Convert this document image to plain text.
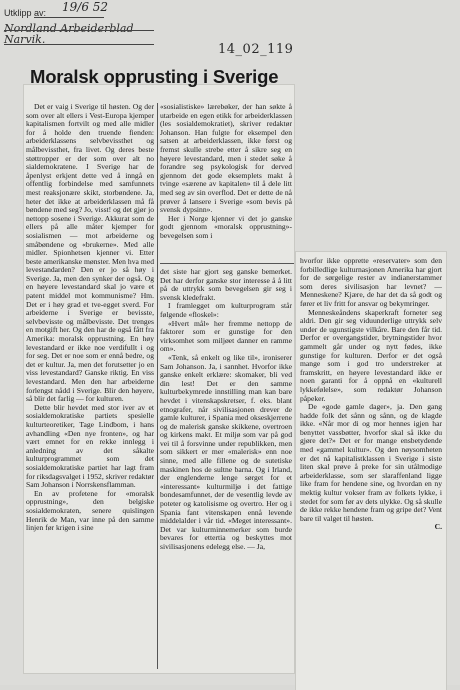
Utklipp av: 19/6 52
Nordland Arbeiderblad
Narvik.
14_02_119
Moralsk opprusting i Sverige

Det er vaig i Sverige til høsten. Og der som over alt ellers i Vest-Europa kjemper kapitalismen fortvilt og med alle midler for å holde den truende fienden: arbeiderklassens selvbevissthet og målbevissthet, fra livet. Og deres beste støttropper er der som over alt no sialdemokratene. I Sverige har de åpenlyst erkjent dette ved å inngå en offentlig forbindelse med samfunnets mest reaksjonære skikt, storbøndene. Ja, heter det ikke at arbeiderklassen må få bøndene med seg? Jo, visst! og det gjør jo nettopp sosene i Sverige. Akkurat som de ellers på alle måter kjemper for sosialismen — mot arbeiderne og småbøndene og «brukerne». Med alle midler. Spionhetsen kjenner vi. Etter beste amerikanske mønster. Men hva med levestandarden? Den er jo så høy i Sverige. Ja, men den synker der også. Og en høyere levestandard skal jo være et patent middel mot kommunisme? Hm. Det er i høy grad et tve-egget sverd. For arbeiderne i Sverige er bevisste, selvbevisste og målbevisste. Det trenges en motgift her. Og den har de også fått fra Amerika: moralsk opprustning. En høy levestandard er ikke noe verdifullt i og for seg. Det er noe som er ennå bedre, og det er kultur. Ja, men det forutsetter jo en viss levestandard? Ganske riktig. En viss levestandard. Men den har arbeiderne forlengst nådd i Sverige. Blir den høyere, så blir det farlig — for kulturen.

Dette blir hevdet med stor iver av et sosialdemokratiske partiets spesielle kulturteoretiker, Tage Lindbom, i hans avhandling «Den nye fronten», og har vært emnet for en rekke innlegg i anledning av det såkalte kulturprogrammet som det sosialdemokratiske partiet har lagt fram for riksdagsvalget i 1952, skriver redaktør Sam Johanson i Norrskensflamman.

En av profetene for «moralsk opprustning», den belgiske sosialdemokraten, senere quislingen Henrik de Man, var inne på den samme linjen før krigen i sine

«sosialistiske» lærebøker, der han søkte å utarbeide en egen etikk for arbeiderklassen (les sosialdemokratiet), skriver redaktør Johanson. Han fulgte for eksempel den satsen at arbeiderklassen, ikke først og fremst skulle strebe etter å sikre seg en høyere levestandard, men i stedet søke å forandre seg psykologisk for derved gjennom det gode eksemplets makt å tvinge «særene av kapitalen» til å dele litt med seg av sin overflod. Det er dette de nå prøver å lansere i Sverige «som bevis på svensk dypsinn».

Her i Norge kjenner vi det jo ganske godt gjennom «moralsk opprustning»-bevegelsen som i

det siste har gjort seg ganske bemerket. Det har derfor ganske stor interesse å å litt på de uttrykk som bevegelsen gir seg i svensk kledefrakt.

I framlegget om kulturprogram står følgende «floskel»:

«Hvert mål» her fremme nettopp de faktorer som er gunstige for den virksomhet som miljøet danner en ramme om».

«Tenk, så enkelt og like til», ironiserer Sam Johanson. Ja, i sannhet. Hvorfor ikke ganske enkelt erklære: skomaker, bli ved din lest! Det er den samme kulturbekymrede innstilling man kan bare hevdet i vitenskapskretser, f. eks. blant etnografer, når sivilisasjonen drever de gamle kulturer, i Spania med okseskjerrene og de malerisk ganske skikkene, overtroen og kirkens makt. Et miljø som var på god vei til å forsvinne under republikken, men som sikkert er mer «malerisk» enn noe sinne, med alle fillene og de sutetiske maskinen hos de sultne barna. Og i Irland, der englenderne lenge sørget for et «interessant» kulturmiljø i det fattige bondesamfunnet, der de vesentlig levde av poteter og katolisisme og overtro. Her og i Spania fant vitenskapen ennå levende middelalder i vår tid. «Meget interessant». Det var kulturminnemerker som burde bevares for ettertia og beskyttes mot sivilisasjonens edelegg else. — Ja,

hvorfor ikke opprette «reservater» som den forbilledlige kulturnasjonen Amerika har gjort for de sørgelige rester av indianerstammer som deres sivilisasjon har levnet? — Menneskene? Kjære, de har det da så godt og fører et liv fritt for ansvar og bekymringer.

Menneskeåndens skaperkraft forneter seg aldri. Den gir seg viduunderlige uttrykk selv under de ugunstigste vilkåre. Bare den får tid. Derfor er overgangstider, brytningstider hvor gammelt går under og nytt fødes, ikke gunstige for kulturen. Derfor er det også mange som i god tro understreker at framskritt, en høyere levestandard ikke er noen garanti for å oppnå en «kulturell lykkefølelse», som redaktør Johanson påpeker.

De «gode gamle dager», ja. Den gang hadde folk det sånn og sånn, og de klagde ikke. «Når mor di og mor hennes igjen har benyttet vassbøtter, hvorfor skal så ikke du gjøre det?» Det er for mange ensbetydende med «gammel kultur». Og den nøysomheten er det nå kapitalistklassen i Sverige i siste liten skal prøve å preke for sin utålmodige arbeiderklasse, som ser slaraffenland ligge like fram for hendene sine, og hvordan en ny mektig kultur vokser fram av folkets lykke, i stedet for som før av dets ulykke. Og så skulle de ikke rekke hendene fram og gripe det? Vent bare til valget til høsten.

C.
